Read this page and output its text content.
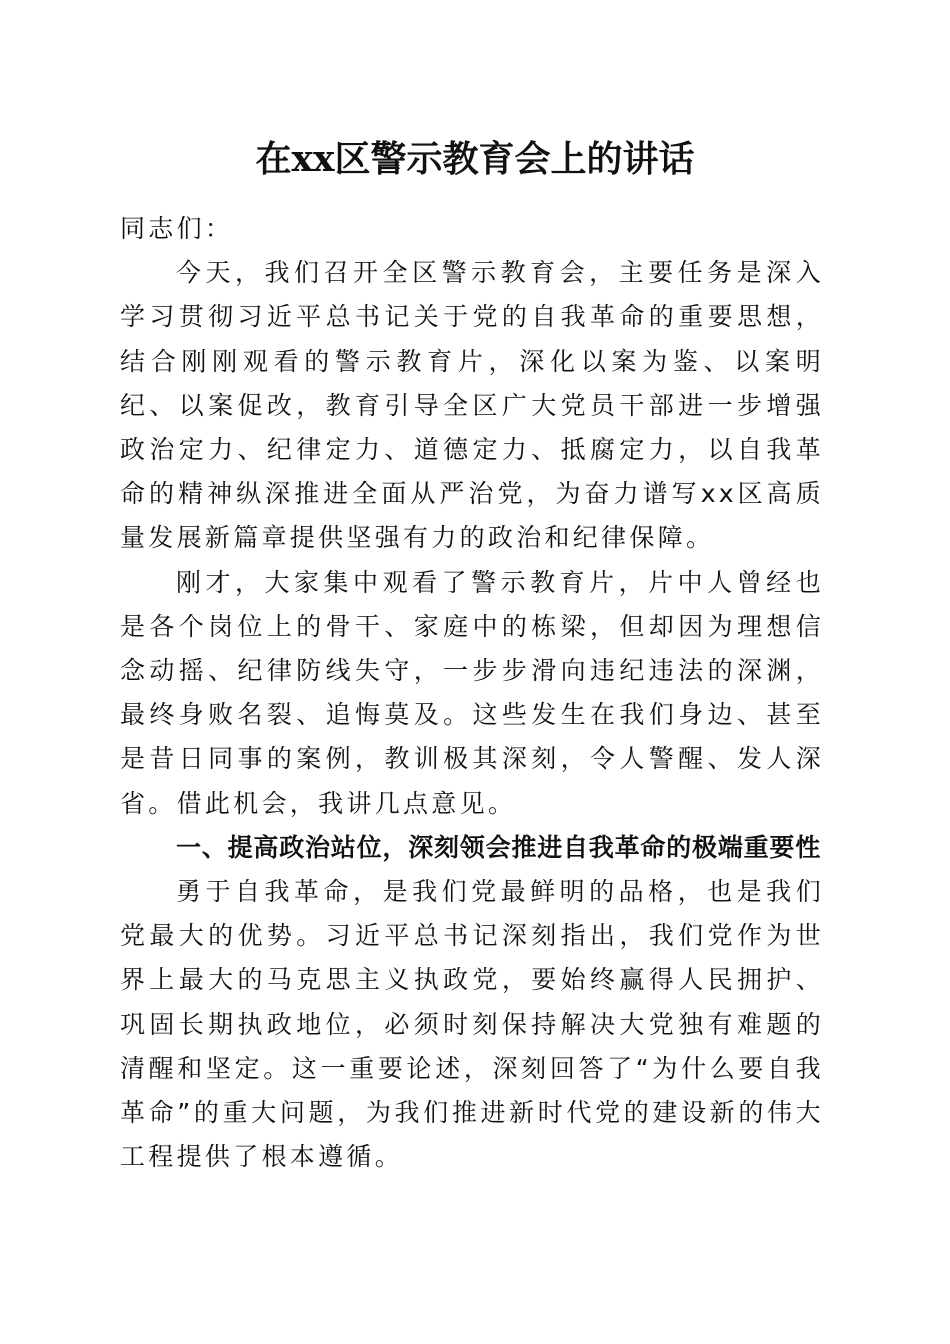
在xx区警示教育会上的讲话

同志们：

今天，我们召开全区警示教育会，主要任务是深入学习贯彻习近平总书记关于党的自我革命的重要思想，结合刚刚观看的警示教育片，深化以案为鉴、以案明纪、以案促改，教育引导全区广大党员干部进一步增强政治定力、纪律定力、道德定力、抵腐定力，以自我革命的精神纵深推进全面从严治党，为奋力谱写xx区高质量发展新篇章提供坚强有力的政治和纪律保障。

刚才，大家集中观看了警示教育片，片中人曾经也是各个岗位上的骨干、家庭中的栋梁，但却因为理想信念动摇、纪律防线失守，一步步滑向违纪违法的深渊，最终身败名裂、追悔莫及。这些发生在我们身边、甚至是昔日同事的案例，教训极其深刻，令人警醒、发人深省。借此机会，我讲几点意见。

一、提高政治站位，深刻领会推进自我革命的极端重要性

勇于自我革命，是我们党最鲜明的品格，也是我们党最大的优势。习近平总书记深刻指出，我们党作为世界上最大的马克思主义执政党，要始终赢得人民拥护、巩固长期执政地位，必须时刻保持解决大党独有难题的清醒和坚定。这一重要论述，深刻回答了“为什么要自我革命”的重大问题，为我们推进新时代党的建设新的伟大工程提供了根本遵循。
